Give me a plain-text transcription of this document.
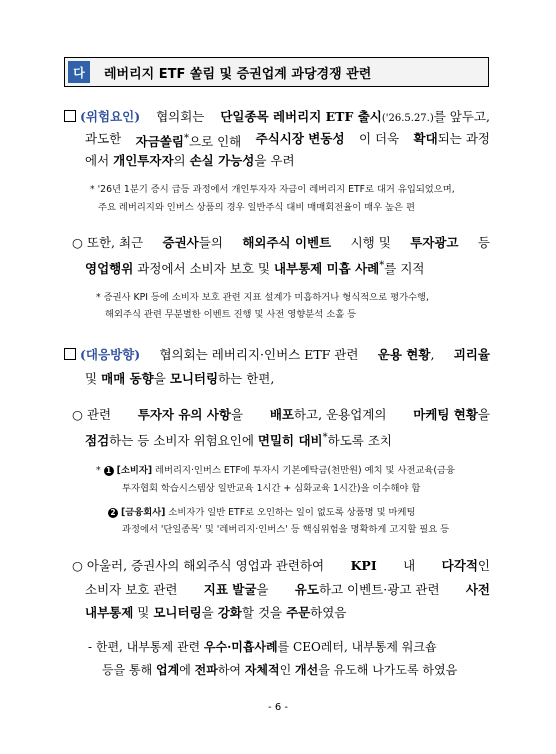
다	레버리지 ETF 쏠림 및 증권업계 과당경쟁 관련
(위험요인) 협의회는 단일종목 레버리지 ETF 출시('26.5.27.)를 앞두고,
과도한 자금쏠림*으로 인해 주식시장 변동성 이 더욱 확대되는 과정
에서 개인투자자의 손실 가능성을 우려
* '26년 1분기 증시 급등 과정에서 개인투자자 자금이 레버리지 ETF로 대거 유입되었으며,
주요 레버리지와 인버스 상품의 경우 일반주식 대비 매매회전율이 매우 높은 편
○ 또한, 최근 증권사들의 해외주식 이벤트 시행 및 투자광고 등
영업행위 과정에서 소비자 보호 및 내부통제 미흡 사례*를 지적
* 증권사 KPI 등에 소비자 보호 관련 지표 설계가 미흡하거나 형식적으로 평가수행,
해외주식 관련 무분별한 이벤트 진행 및 사전 영향분석 소홀 등
(대응방향) 협의회는 레버리지·인버스 ETF 관련 운용 현황, 괴리율
및 매매 동향을 모니터링하는 한편,
○ 관련 투자자 유의 사항을 배포하고, 운용업계의 마케팅 현황을
점검하는 등 소비자 위험요인에 면밀히 대비*하도록 조치
* 1 [소비자] 레버리지·인버스 ETF에 투자시 기본예탁금(천만원) 예치 및 사전교육(금융
투자협회 학습시스템상 일반교육 1시간 + 심화교육 1시간)을 이수해야 함
2 [금융회사] 소비자가 일반 ETF로 오인하는 일이 없도록 상품명 및 마케팅
과정에서 '단일종목' 및 '레버리지·인버스' 등 핵심위험을 명확하게 고지할 필요 등
○ 아울러, 증권사의 해외주식 영업과 관련하여 KPI 내 다각적인
소비자 보호 관련 지표 발굴을 유도하고 이벤트·광고 관련 사전
내부통제 및 모니터링을 강화할 것을 주문하였음
- 한편, 내부통제 관련 우수·미흡사례를 CEO레터, 내부통제 워크숍
등을 통해 업계에 전파하여 자체적인 개선을 유도해 나가도록 하였음
- 6 -
